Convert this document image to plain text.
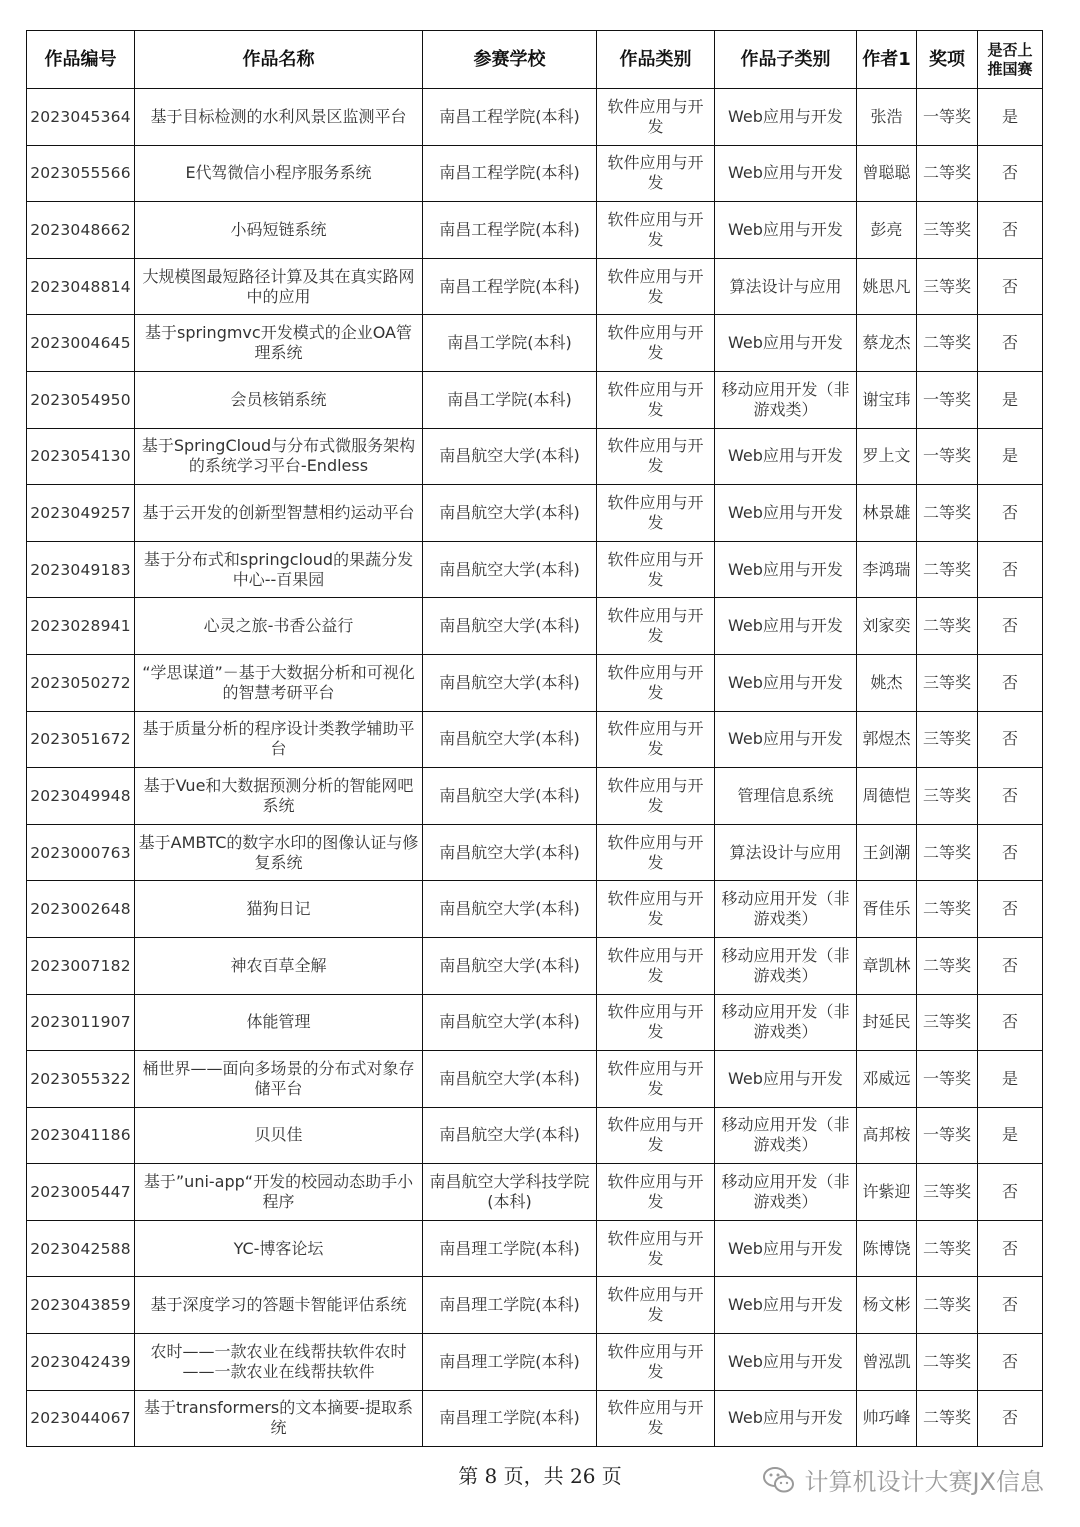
作品编号	作品名称	参赛学校	作品类别	作品子类别	作者1	奖项	是否上推国赛
2023045364	基于目标检测的水利风景区监测平台	南昌工程学院(本科)	软件应用与开发	Web应用与开发	张浩	一等奖	是
2023055566	E代驾微信小程序服务系统	南昌工程学院(本科)	软件应用与开发	Web应用与开发	曾聪聪	二等奖	否
2023048662	小码短链系统	南昌工程学院(本科)	软件应用与开发	Web应用与开发	彭亮	三等奖	否
2023048814	大规模图最短路径计算及其在真实路网中的应用	南昌工程学院(本科)	软件应用与开发	算法设计与应用	姚思凡	三等奖	否
2023004645	基于springmvc开发模式的企业OA管理系统	南昌工学院(本科)	软件应用与开发	Web应用与开发	蔡龙杰	二等奖	否
2023054950	会员核销系统	南昌工学院(本科)	软件应用与开发	移动应用开发（非游戏类）	谢宝玮	一等奖	是
2023054130	基于SpringCloud与分布式微服务架构的系统学习平台-Endless	南昌航空大学(本科)	软件应用与开发	Web应用与开发	罗上文	一等奖	是
2023049257	基于云开发的创新型智慧相约运动平台	南昌航空大学(本科)	软件应用与开发	Web应用与开发	林景雄	二等奖	否
2023049183	基于分布式和springcloud的果蔬分发中心--百果园	南昌航空大学(本科)	软件应用与开发	Web应用与开发	李鸿瑞	二等奖	否
2023028941	心灵之旅-书香公益行	南昌航空大学(本科)	软件应用与开发	Web应用与开发	刘家奕	二等奖	否
2023050272	“学思谋道”－基于大数据分析和可视化的智慧考研平台	南昌航空大学(本科)	软件应用与开发	Web应用与开发	姚杰	三等奖	否
2023051672	基于质量分析的程序设计类教学辅助平台	南昌航空大学(本科)	软件应用与开发	Web应用与开发	郭煜杰	三等奖	否
2023049948	基于Vue和大数据预测分析的智能网吧系统	南昌航空大学(本科)	软件应用与开发	管理信息系统	周德恺	三等奖	否
2023000763	基于AMBTC的数字水印的图像认证与修复系统	南昌航空大学(本科)	软件应用与开发	算法设计与应用	王剑潮	二等奖	否
2023002648	猫狗日记	南昌航空大学(本科)	软件应用与开发	移动应用开发（非游戏类）	胥佳乐	二等奖	否
2023007182	神农百草全解	南昌航空大学(本科)	软件应用与开发	移动应用开发（非游戏类）	章凯林	二等奖	否
2023011907	体能管理	南昌航空大学(本科)	软件应用与开发	移动应用开发（非游戏类）	封延民	三等奖	否
2023055322	桶世界——面向多场景的分布式对象存储平台	南昌航空大学(本科)	软件应用与开发	Web应用与开发	邓威远	一等奖	是
2023041186	贝贝佳	南昌航空大学(本科)	软件应用与开发	移动应用开发（非游戏类）	高邦桉	一等奖	是
2023005447	基于”uni-app“开发的校园动态助手小程序	南昌航空大学科技学院(本科)	软件应用与开发	移动应用开发（非游戏类）	许紫迎	三等奖	否
2023042588	YC-博客论坛	南昌理工学院(本科)	软件应用与开发	Web应用与开发	陈博饶	二等奖	否
2023043859	基于深度学习的答题卡智能评估系统	南昌理工学院(本科)	软件应用与开发	Web应用与开发	杨文彬	二等奖	否
2023042439	农时——一款农业在线帮扶软件农时——一款农业在线帮扶软件	南昌理工学院(本科)	软件应用与开发	Web应用与开发	曾泓凯	二等奖	否
2023044067	基于transformers的文本摘要-提取系统	南昌理工学院(本科)	软件应用与开发	Web应用与开发	帅巧峰	二等奖	否
第 8 页，共 26 页	计算机设计大赛JX信息
